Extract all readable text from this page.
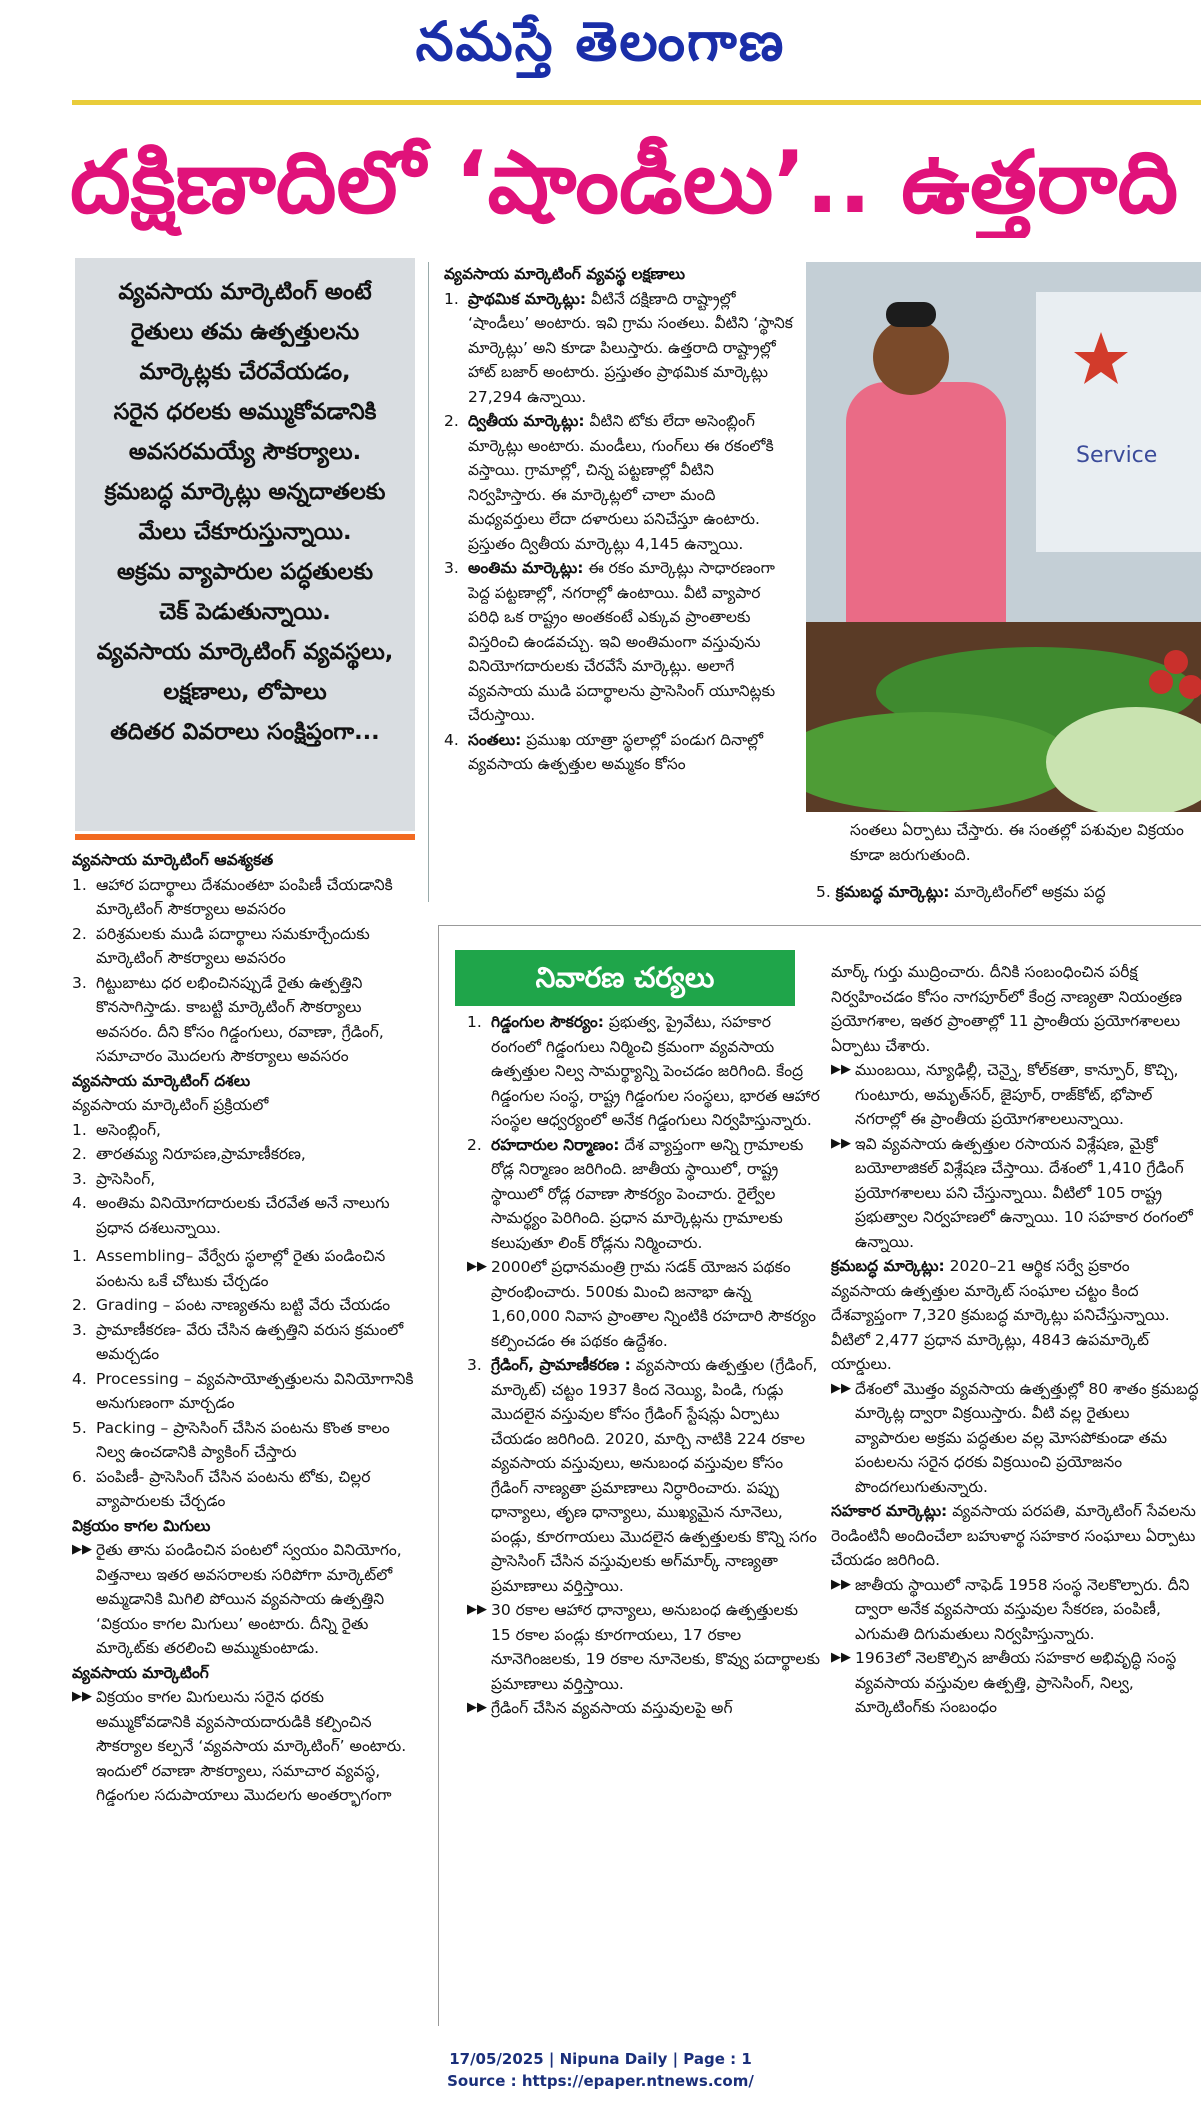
నమస్తే తెలంగాణ
దక్షిణాదిలో ‘షాండీలు’.. ఉత్తరాది
వ్యవసాయ మార్కెటింగ్ అంటే
రైతులు తమ ఉత్పత్తులను
మార్కెట్లకు చేరవేయడం,
సరైన ధరలకు అమ్ముకోవడానికి
అవసరమయ్యే సౌకర్యాలు.
క్రమబద్ధ మార్కెట్లు అన్నదాతలకు
మేలు చేకూరుస్తున్నాయి.
అక్రమ వ్యాపారుల పద్ధతులకు
చెక్ పెడుతున్నాయి.
వ్యవసాయ మార్కెటింగ్ వ్యవస్థలు,
లక్షణాలు, లోపాలు
తదితర వివరాలు సంక్షిప్తంగా...
వ్యవసాయ మార్కెటింగ్ ఆవశ్యకత
1. ఆహార పదార్థాలు దేశమంతటా పంపిణీ చేయడానికి మార్కెటింగ్ సౌకర్యాలు అవసరం
2. పరిశ్రమలకు ముడి పదార్థాలు సమకూర్చేందుకు మార్కెటింగ్ సౌకర్యాలు అవసరం
3. గిట్టుబాటు ధర లభించినప్పుడే రైతు ఉత్పత్తిని కొనసాగిస్తాడు. కాబట్టి మార్కెటింగ్ సౌకర్యాలు అవసరం. దీని కోసం గిడ్డంగులు, రవాణా, గ్రేడింగ్, సమాచారం మొదలగు సౌకర్యాలు అవసరం
వ్యవసాయ మార్కెటింగ్ దశలు
వ్యవసాయ మార్కెటింగ్ ప్రక్రియలో
1. అసెంబ్లింగ్,
2. తారతమ్య నిరూపణ,ప్రామాణీకరణ,
3. ప్రాసెసింగ్,
4. అంతిమ వినియోగదారులకు చేరవేత అనే నాలుగు ప్రధాన దశలున్నాయి.
1. Assembling– వేర్వేరు స్థలాల్లో రైతు పండించిన పంటను ఒకే చోటుకు చేర్చడం
2. Grading – పంట నాణ్యతను బట్టి వేరు చేయడం
3. ప్రామాణీకరణ- వేరు చేసిన ఉత్పత్తిని వరుస క్రమంలో అమర్చడం
4. Processing – వ్యవసాయోత్పత్తులను వినియోగానికి అనుగుణంగా మార్చడం
5. Packing – ప్రాసెసింగ్ చేసిన పంటను కొంత కాలం నిల్వ ఉంచడానికి ప్యాకింగ్ చేస్తారు
6. పంపిణీ- ప్రాసెసింగ్ చేసిన పంటను టోకు, చిల్లర వ్యాపారులకు చేర్చడం
విక్రయం కాగల మిగులు
▶▶ రైతు తాను పండించిన పంటలో స్వయం వినియోగం, విత్తనాలు ఇతర అవసరాలకు సరిపోగా మార్కెట్‌లో అమ్మడానికి మిగిలి పోయిన వ్యవసాయ ఉత్పత్తిని ‘విక్రయం కాగల మిగులు’ అంటారు. దీన్ని రైతు మార్కెట్‌కు తరలించి అమ్ముకుంటాడు.
వ్యవసాయ మార్కెటింగ్
▶▶ విక్రయం కాగల మిగులును సరైన ధరకు అమ్ముకోవడానికి వ్యవసాయదారుడికి కల్పించిన సౌకర్యాల కల్పనే ‘వ్యవసాయ మార్కెటింగ్’ అంటారు. ఇందులో రవాణా సౌకర్యాలు, సమాచార వ్యవస్థ, గిడ్డంగుల సదుపాయాలు మొదలగు అంతర్భాగంగా
వ్యవసాయ మార్కెటింగ్ వ్యవస్థ లక్షణాలు
1. ప్రాథమిక మార్కెట్లు: వీటినే దక్షిణాది రాష్ట్రాల్లో ‘షాండీలు’ అంటారు. ఇవి గ్రామ సంతలు. వీటిని ‘స్థానిక మార్కెట్లు’ అని కూడా పిలుస్తారు. ఉత్తరాది రాష్ట్రాల్లో హాట్ బజార్ అంటారు. ప్రస్తుతం ప్రాథమిక మార్కెట్లు 27,294 ఉన్నాయి.
2. ద్వితీయ మార్కెట్లు: వీటిని టోకు లేదా అసెంబ్లింగ్ మార్కెట్లు అంటారు. మండీలు, గుంగ్‌లు ఈ రకంలోకి వస్తాయి. గ్రామాల్లో, చిన్న పట్టణాల్లో వీటిని నిర్వహిస్తారు. ఈ మార్కెట్లలో చాలా మంది మధ్యవర్తులు లేదా దళారులు పనిచేస్తూ ఉంటారు. ప్రస్తుతం ద్వితీయ మార్కెట్లు 4,145 ఉన్నాయి.
3. అంతిమ మార్కెట్లు: ఈ రకం మార్కెట్లు సాధారణంగా పెద్ద పట్టణాల్లో, నగరాల్లో ఉంటాయి. వీటి వ్యాపార పరిధి ఒక రాష్ట్రం అంతకంటే ఎక్కువ ప్రాంతాలకు విస్తరించి ఉండవచ్చు. ఇవి అంతిమంగా వస్తువును వినియోగదారులకు చేరవేసే మార్కెట్లు. అలాగే వ్యవసాయ ముడి పదార్థాలను ప్రాసెసింగ్ యూనిట్లకు చేరుస్తాయి.
4. సంతలు: ప్రముఖ యాత్రా స్థలాల్లో పండుగ దినాల్లో వ్యవసాయ ఉత్పత్తుల అమ్మకం కోసం
Service
సంతలు ఏర్పాటు చేస్తారు. ఈ సంతల్లో పశువుల విక్రయం కూడా జరుగుతుంది.
5. క్రమబద్ధ మార్కెట్లు: మార్కెటింగ్‌లో అక్రమ పద్ధ
నివారణ చర్యలు
1. గిడ్డంగుల సౌకర్యం: ప్రభుత్వ, ప్రైవేటు, సహకార రంగంలో గిడ్డంగులు నిర్మించి క్రమంగా వ్యవసాయ ఉత్పత్తుల నిల్వ సామర్థ్యాన్ని పెంచడం జరిగింది. కేంద్ర గిడ్డంగుల సంస్థ, రాష్ట్ర గిడ్డంగుల సంస్థలు, భారత ఆహార సంస్థల ఆధ్వర్యంలో అనేక గిడ్డంగులు నిర్వహిస్తున్నారు.
2. రహదారుల నిర్మాణం: దేశ వ్యాప్తంగా అన్ని గ్రామాలకు రోడ్ల నిర్మాణం జరిగింది. జాతీయ స్థాయిలో, రాష్ట్ర స్థాయిలో రోడ్ల రవాణా సౌకర్యం పెంచారు. రైల్వేల సామర్థ్యం పెరిగింది. ప్రధాన మార్కెట్లను గ్రామాలకు కలుపుతూ లింక్ రోడ్లను నిర్మించారు.
▶▶ 2000లో ప్రధానమంత్రి గ్రామ సడక్ యోజన పథకం ప్రారంభించారు. 500కు మించి జనాభా ఉన్న 1,60,000 నివాస ప్రాంతాల న్నింటికి రహదారి సౌకర్యం కల్పించడం ఈ పథకం ఉద్దేశం.
3. గ్రేడింగ్, ప్రామాణీకరణ : వ్యవసాయ ఉత్పత్తుల (గ్రేడింగ్, మార్కెట్) చట్టం 1937 కింద నెయ్యి, పిండి, గుడ్లు మొదలైన వస్తువుల కోసం గ్రేడింగ్ స్టేషన్లు ఏర్పాటు చేయడం జరిగింది. 2020, మార్చి నాటికి 224 రకాల వ్యవసాయ వస్తువులు, అనుబంధ వస్తువుల కోసం గ్రేడింగ్ నాణ్యతా ప్రమాణాలు నిర్ధారించారు. పప్పు ధాన్యాలు, తృణ ధాన్యాలు, ముఖ్యమైన నూనెలు, పండ్లు, కూరగాయలు మొదలైన ఉత్పత్తులకు కొన్ని సగం ప్రాసెసింగ్ చేసిన వస్తువులకు అగ్‌మార్క్ నాణ్యతా ప్రమాణాలు వర్తిస్తాయి.
▶▶ 30 రకాల ఆహార ధాన్యాలు, అనుబంధ ఉత్పత్తులకు 15 రకాల పండ్లు కూరగాయలు, 17 రకాల నూనెగింజలకు, 19 రకాల నూనెలకు, కొవ్వు పదార్థాలకు ప్రమాణాలు వర్తిస్తాయి.
▶▶ గ్రేడింగ్ చేసిన వ్యవసాయ వస్తువులపై అగ్
మార్క్ గుర్తు ముద్రించారు. దీనికి సంబంధించిన పరీక్ష నిర్వహించడం కోసం నాగపూర్‌లో కేంద్ర నాణ్యతా నియంత్రణ ప్రయోగశాల, ఇతర ప్రాంతాల్లో 11 ప్రాంతీయ ప్రయోగశాలలు ఏర్పాటు చేశారు.
▶▶ ముంబయి, న్యూఢిల్లీ, చెన్నై, కోల్‌కతా, కాన్పూర్, కొచ్చి, గుంటూరు, అమృత్‌సర్, జైపూర్, రాజ్‌కోట్, భోపాల్ నగరాల్లో ఈ ప్రాంతీయ ప్రయోగశాలలున్నాయి.
▶▶ ఇవి వ్యవసాయ ఉత్పత్తుల రసాయన విశ్లేషణ, మైక్రో బయోలాజికల్ విశ్లేషణ చేస్తాయి. దేశంలో 1,410 గ్రేడింగ్ ప్రయోగశాలలు పని చేస్తున్నాయి. వీటిలో 105 రాష్ట్ర ప్రభుత్వాల నిర్వహణలో ఉన్నాయి. 10 సహకార రంగంలో ఉన్నాయి.
క్రమబద్ధ మార్కెట్లు: 2020–21 ఆర్థిక సర్వే ప్రకారం వ్యవసాయ ఉత్పత్తుల మార్కెట్ సంఘాల చట్టం కింద దేశవ్యాప్తంగా 7,320 క్రమబద్ధ మార్కెట్లు పనిచేస్తున్నాయి. వీటిలో 2,477 ప్రధాన మార్కెట్లు, 4843 ఉపమార్కెట్ యార్డులు.
▶▶ దేశంలో మొత్తం వ్యవసాయ ఉత్పత్తుల్లో 80 శాతం క్రమబద్ధ మార్కెట్ల ద్వారా విక్రయిస్తారు. వీటి వల్ల రైతులు వ్యాపారుల అక్రమ పద్ధతుల వల్ల మోసపోకుండా తమ పంటలను సరైన ధరకు విక్రయించి ప్రయోజనం పొందగలుగుతున్నారు.
సహకార మార్కెట్లు: వ్యవసాయ పరపతి, మార్కెటింగ్ సేవలను రెండింటినీ అందించేలా బహుళార్థ సహకార సంఘాలు ఏర్పాటు చేయడం జరిగింది.
▶▶ జాతీయ స్థాయిలో నాఫెడ్ 1958 సంస్థ నెలకొల్పారు. దీని ద్వారా అనేక వ్యవసాయ వస్తువుల సేకరణ, పంపిణీ, ఎగుమతి దిగుమతులు నిర్వహిస్తున్నారు.
▶▶ 1963లో నెలకొల్పిన జాతీయ సహకార అభివృద్ధి సంస్థ వ్యవసాయ వస్తువుల ఉత్పత్తి, ప్రాసెసింగ్, నిల్వ, మార్కెటింగ్‌కు సంబంధం
17/05/2025 | Nipuna Daily | Page : 1
Source : https://epaper.ntnews.com/
